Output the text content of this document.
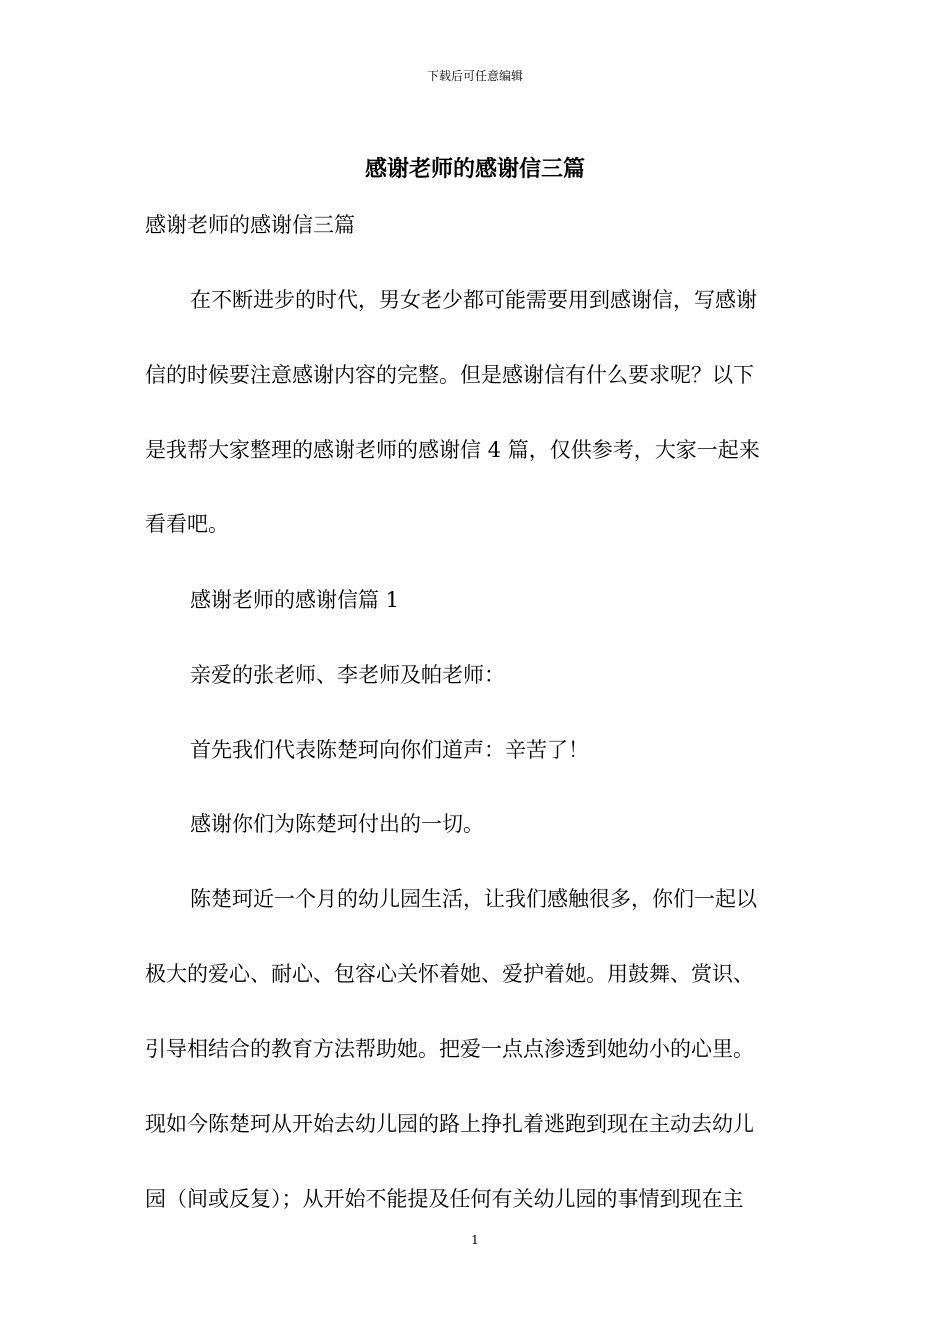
下载后可任意编辑
感谢老师的感谢信三篇
感谢老师的感谢信三篇
在不断进步的时代，男女老少都可能需要用到感谢信，写感谢
信的时候要注意感谢内容的完整。但是感谢信有什么要求呢？以下
是我帮大家整理的感谢老师的感谢信 4 篇，仅供参考，大家一起来
看看吧。
感谢老师的感谢信篇 1
亲爱的张老师、李老师及帕老师：
首先我们代表陈楚珂向你们道声：辛苦了！
感谢你们为陈楚珂付出的一切。
陈楚珂近一个月的幼儿园生活，让我们感触很多，你们一起以
极大的爱心、耐心、包容心关怀着她、爱护着她。用鼓舞、赏识、
引导相结合的教育方法帮助她。把爱一点点渗透到她幼小的心里。
现如今陈楚珂从开始去幼儿园的路上挣扎着逃跑到现在主动去幼儿
园（间或反复）；从开始不能提及任何有关幼儿园的事情到现在主
1
